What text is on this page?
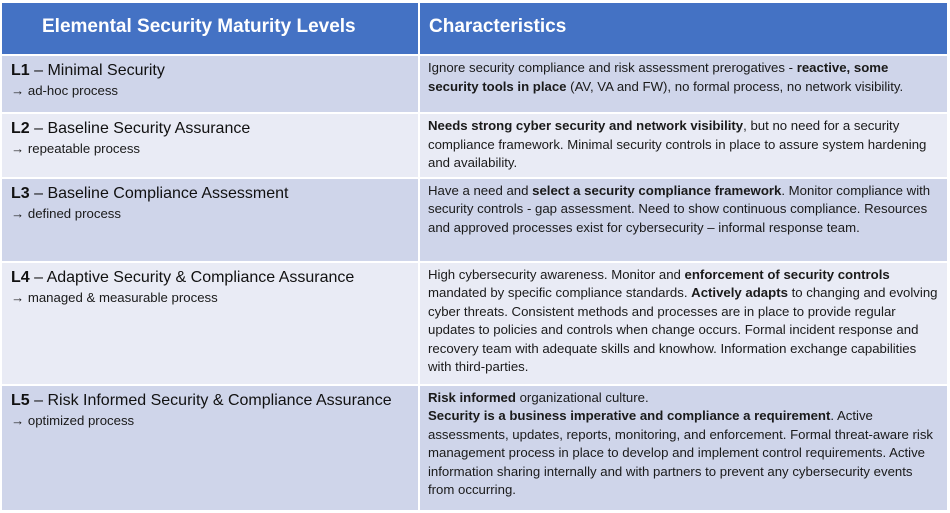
Elemental Security Maturity Levels	Characteristics

L1 – Minimal Security
→ ad-hoc process	Ignore security compliance and risk assessment prerogatives - reactive, some security tools in place (AV, VA and FW), no formal process, no network visibility.

L2 – Baseline Security Assurance
→ repeatable process	Needs strong cyber security and network visibility, but no need for a security compliance framework. Minimal security controls in place to assure system hardening and availability.

L3 – Baseline Compliance Assessment
→ defined process	Have a need and select a security compliance framework. Monitor compliance with security controls - gap assessment. Need to show continuous compliance. Resources and approved processes exist for cybersecurity – informal response team.

L4 – Adaptive Security & Compliance Assurance
→ managed & measurable process	High cybersecurity awareness. Monitor and enforcement of security controls mandated by specific compliance standards. Actively adapts to changing and evolving cyber threats. Consistent methods and processes are in place to provide regular updates to policies and controls when change occurs. Formal incident response and recovery team with adequate skills and knowhow. Information exchange capabilities with third-parties.

L5 – Risk Informed Security & Compliance Assurance
→ optimized process	Risk informed organizational culture.
Security is a business imperative and compliance a requirement. Active assessments, updates, reports, monitoring, and enforcement. Formal threat-aware risk management process in place to develop and implement control requirements. Active information sharing internally and with partners to prevent any cybersecurity events from occurring.
